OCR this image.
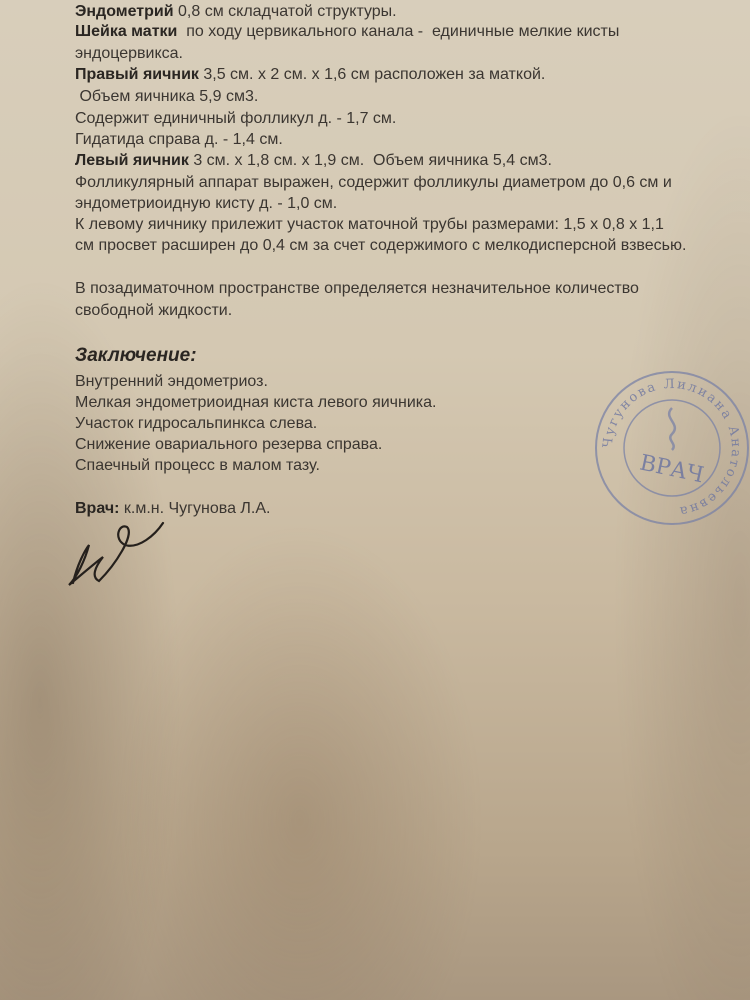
Эндометрий 0,8 см складчатой структуры.
Шейка матки  по ходу цервикального канала -  единичные мелкие кисты
эндоцервикса.
Правый яичник 3,5 см. х 2 см. х 1,6 см расположен за маткой.
Объем яичника 5,9 см3.
Содержит единичный фолликул д. - 1,7 см.
Гидатида справа д. - 1,4 см.
Левый яичник 3 см. х 1,8 см. х 1,9 см.  Объем яичника 5,4 см3.
Фолликулярный аппарат выражен, содержит фолликулы диаметром до 0,6 см и
эндометриоидную кисту д. - 1,0 см.
К левому яичнику прилежит участок маточной трубы размерами: 1,5 х 0,8 х 1,1
см просвет расширен до 0,4 см за счет содержимого с мелкодисперсной взвесью.
В позадиматочном пространстве определяется незначительное количество
свободной жидкости.
Заключение:
Внутренний эндометриоз.
Мелкая эндометриоидная киста левого яичника.
Участок гидросальпинкса слева.
Снижение овариального резерва справа.
Спаечный процесс в малом тазу.
Врач: к.м.н. Чугунова Л.А.
Чугунова Лилиана Анатольевна
ВРАЧ
